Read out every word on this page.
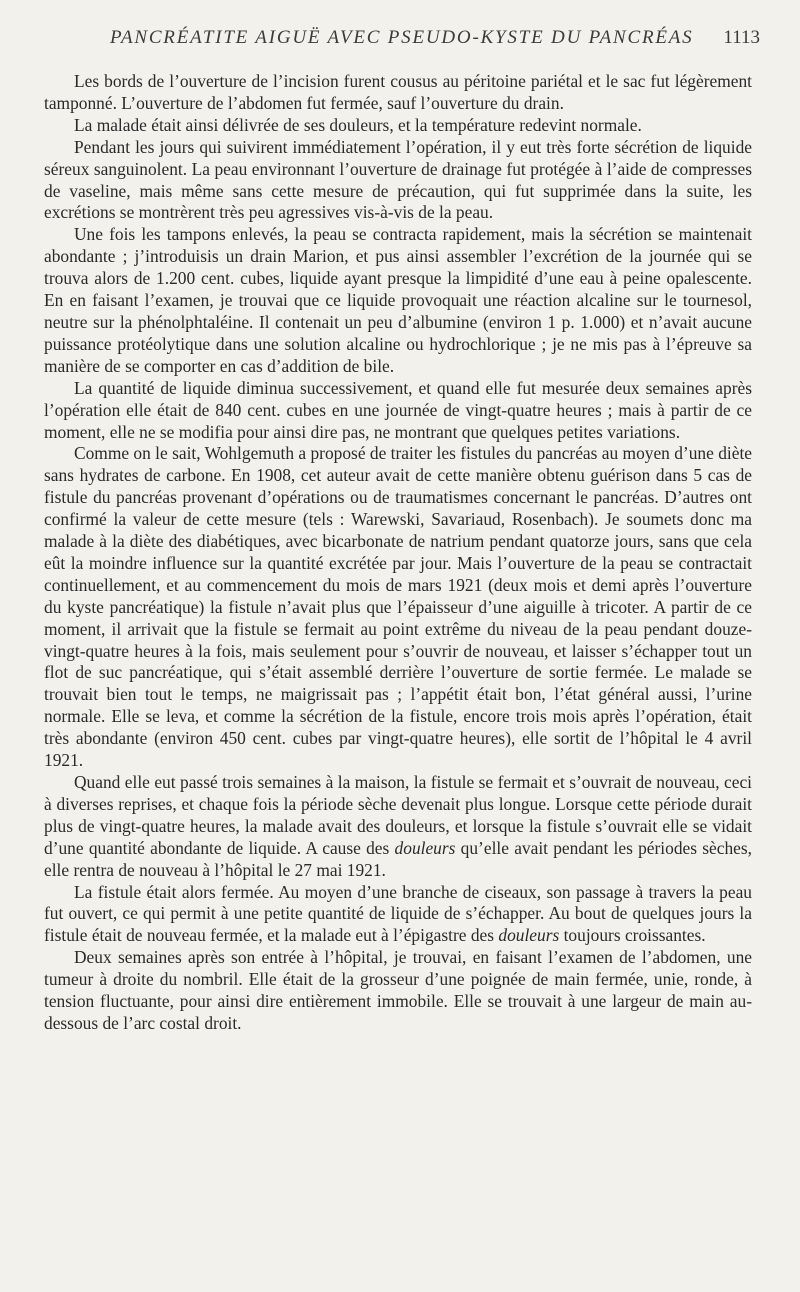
PANCRÉATITE AIGUË AVEC PSEUDO-KYSTE DU PANCRÉAS 1113

Les bords de l’ouverture de l’incision furent cousus au péritoine pariétal et le sac fut légèrement tamponné. L’ouverture de l’abdomen fut fermée, sauf l’ouverture du drain.

La malade était ainsi délivrée de ses douleurs, et la température redevint normale.

Pendant les jours qui suivirent immédiatement l’opération, il y eut très forte sécrétion de liquide séreux sanguinolent. La peau environnant l’ouverture de drainage fut protégée à l’aide de compresses de vaseline, mais même sans cette mesure de précaution, qui fut supprimée dans la suite, les excrétions se montrèrent très peu agressives vis-à-vis de la peau.

Une fois les tampons enlevés, la peau se contracta rapidement, mais la sécrétion se maintenait abondante ; j’introduisis un drain Marion, et pus ainsi assembler l’excrétion de la journée qui se trouva alors de 1.200 cent. cubes, liquide ayant presque la limpidité d’une eau à peine opalescente. En en faisant l’examen, je trouvai que ce liquide provoquait une réaction alcaline sur le tournesol, neutre sur la phénolphtaléine. Il contenait un peu d’albumine (environ 1 p. 1.000) et n’avait aucune puissance protéolytique dans une solution alcaline ou hydrochlorique ; je ne mis pas à l’épreuve sa manière de se comporter en cas d’addition de bile.

La quantité de liquide diminua successivement, et quand elle fut mesurée deux semaines après l’opération elle était de 840 cent. cubes en une journée de vingt-quatre heures ; mais à partir de ce moment, elle ne se modifia pour ainsi dire pas, ne montrant que quelques petites variations.

Comme on le sait, Wohlgemuth a proposé de traiter les fistules du pancréas au moyen d’une diète sans hydrates de carbone. En 1908, cet auteur avait de cette manière obtenu guérison dans 5 cas de fistule du pancréas provenant d’opérations ou de traumatismes concernant le pancréas. D’autres ont confirmé la valeur de cette mesure (tels : Warewski, Savariaud, Rosenbach). Je soumets donc ma malade à la diète des diabétiques, avec bicarbonate de natrium pendant quatorze jours, sans que cela eût la moindre influence sur la quantité excrétée par jour. Mais l’ouverture de la peau se contractait continuellement, et au commencement du mois de mars 1921 (deux mois et demi après l’ouverture du kyste pancréatique) la fistule n’avait plus que l’épaisseur d’une aiguille à tricoter. A partir de ce moment, il arrivait que la fistule se fermait au point extrême du niveau de la peau pendant douze-vingt-quatre heures à la fois, mais seulement pour s’ouvrir de nouveau, et laisser s’échapper tout un flot de suc pancréatique, qui s’était assemblé derrière l’ouverture de sortie fermée. Le malade se trouvait bien tout le temps, ne maigrissait pas ; l’appétit était bon, l’état général aussi, l’urine normale. Elle se leva, et comme la sécrétion de la fistule, encore trois mois après l’opération, était très abondante (environ 450 cent. cubes par vingt-quatre heures), elle sortit de l’hôpital le 4 avril 1921.

Quand elle eut passé trois semaines à la maison, la fistule se fermait et s’ouvrait de nouveau, ceci à diverses reprises, et chaque fois la période sèche devenait plus longue. Lorsque cette période durait plus de vingt-quatre heures, la malade avait des douleurs, et lorsque la fistule s’ouvrait elle se vidait d’une quantité abondante de liquide. A cause des douleurs qu’elle avait pendant les périodes sèches, elle rentra de nouveau à l’hôpital le 27 mai 1921.

La fistule était alors fermée. Au moyen d’une branche de ciseaux, son passage à travers la peau fut ouvert, ce qui permit à une petite quantité de liquide de s’échapper. Au bout de quelques jours la fistule était de nouveau fermée, et la malade eut à l’épigastre des douleurs toujours croissantes.

Deux semaines après son entrée à l’hôpital, je trouvai, en faisant l’examen de l’abdomen, une tumeur à droite du nombril. Elle était de la grosseur d’une poignée de main fermée, unie, ronde, à tension fluctuante, pour ainsi dire entièrement immobile. Elle se trouvait à une largeur de main au-dessous de l’arc costal droit.
